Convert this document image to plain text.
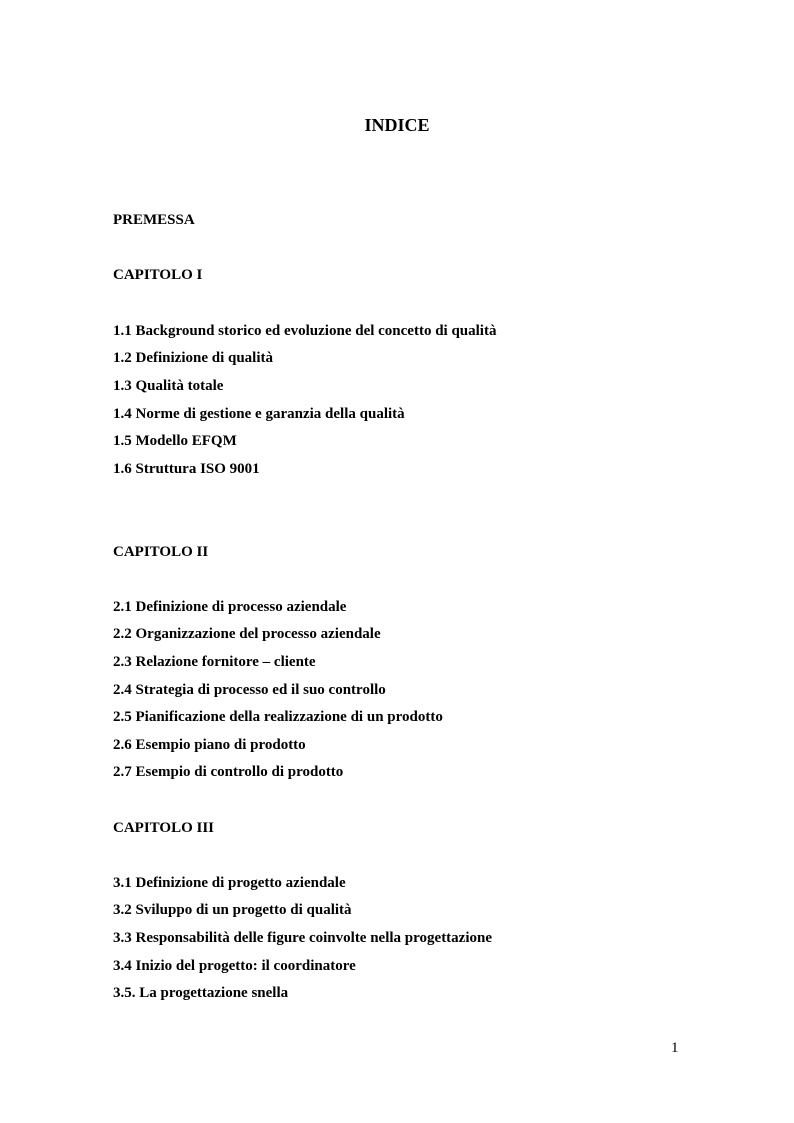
INDICE
PREMESSA
CAPITOLO I
1.1 Background storico ed evoluzione del concetto di qualità
1.2 Definizione di qualità
1.3 Qualità totale
1.4 Norme di gestione e garanzia della qualità
1.5 Modello EFQM
1.6 Struttura ISO 9001
CAPITOLO II
2.1 Definizione di processo aziendale
2.2 Organizzazione del processo aziendale
2.3 Relazione fornitore – cliente
2.4 Strategia di processo ed il suo controllo
2.5 Pianificazione della realizzazione di un prodotto
2.6 Esempio piano di prodotto
2.7 Esempio di controllo di prodotto
CAPITOLO III
3.1 Definizione di progetto aziendale
3.2 Sviluppo di un progetto di qualità
3.3 Responsabilità delle figure coinvolte nella progettazione
3.4 Inizio del progetto: il coordinatore
3.5. La progettazione snella
1
